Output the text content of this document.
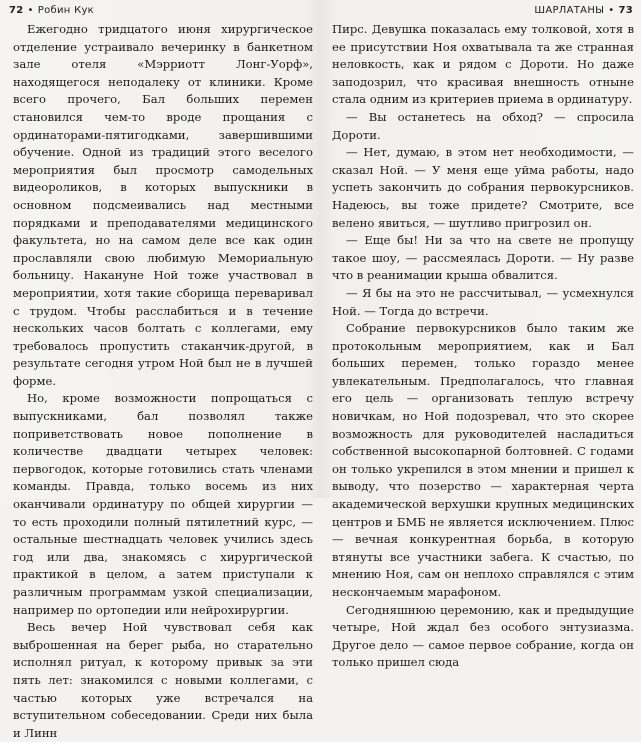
72 • Робин Кук

Ежегодно тридцатого июня хирургическое отделение устраивало вечеринку в банкетном зале отеля «Мэрриотт Лонг-Уорф», находящегося неподалеку от клиники. Кроме всего прочего, Бал больших перемен становился чем-то вроде прощания с ординаторами-пятигодками, завершившими обучение. Одной из традиций этого веселого мероприятия был просмотр самодельных видеороликов, в которых выпускники в основном подсмеивались над местными порядками и преподавателями медицинского факультета, но на самом деле все как один прославляли свою любимую Мемориальную больницу. Накануне Ной тоже участвовал в мероприятии, хотя такие сборища переваривал с трудом. Чтобы расслабиться и в течение нескольких часов болтать с коллегами, ему требовалось пропустить стаканчик-другой, в результате сегодня утром Ной был не в лучшей форме.

Но, кроме возможности попрощаться с выпускниками, бал позволял также поприветствовать новое пополнение в количестве двадцати четырех человек: первогодок, которые готовились стать членами команды. Правда, только восемь из них оканчивали ординатуру по общей хирургии — то есть проходили полный пятилетний курс, — остальные шестнадцать человек учились здесь год или два, знакомясь с хирургической практикой в целом, а затем приступали к различным программам узкой специализации, например по ортопедии или нейрохирургии.

Весь вечер Ной чувствовал себя как выброшенная на берег рыба, но старательно исполнял ритуал, к которому привык за эти пять лет: знакомился с новыми коллегами, с частью которых уже встречался на вступительном собеседовании. Среди них была и Линн

ШАРЛАТАНЫ • 73

Пирс. Девушка показалась ему толковой, хотя в ее присутствии Ноя охватывала та же странная неловкость, как и рядом с Дороти. Но даже заподозрил, что красивая внешность отныне стала одним из критериев приема в ординатуру.

— Вы останетесь на обход? — спросила Дороти.

— Нет, думаю, в этом нет необходимости, — сказал Ной. — У меня еще уйма работы, надо успеть закончить до собрания первокурсников. Надеюсь, вы тоже придете? Смотрите, все велено явиться, — шутливо пригрозил он.

— Еще бы! Ни за что на свете не пропущу такое шоу, — рассмеялась Дороти. — Ну разве что в реанимации крыша обвалится.

— Я бы на это не рассчитывал, — усмехнулся Ной. — Тогда до встречи.

Собрание первокурсников было таким же протокольным мероприятием, как и Бал больших перемен, только гораздо менее увлекательным. Предполагалось, что главная его цель — организовать теплую встречу новичкам, но Ной подозревал, что это скорее возможность для руководителей насладиться собственной высокопарной болтовней. С годами он только укрепился в этом мнении и пришел к выводу, что позерство — характерная черта академической верхушки крупных медицинских центров и БМБ не является исключением. Плюс — вечная конкурентная борьба, в которую втянуты все участники забега. К счастью, по мнению Ноя, сам он неплохо справлялся с этим нескончаемым марафоном.

Сегодняшнюю церемонию, как и предыдущие четыре, Ной ждал без особого энтузиазма. Другое дело — самое первое собрание, когда он только пришел сюда
